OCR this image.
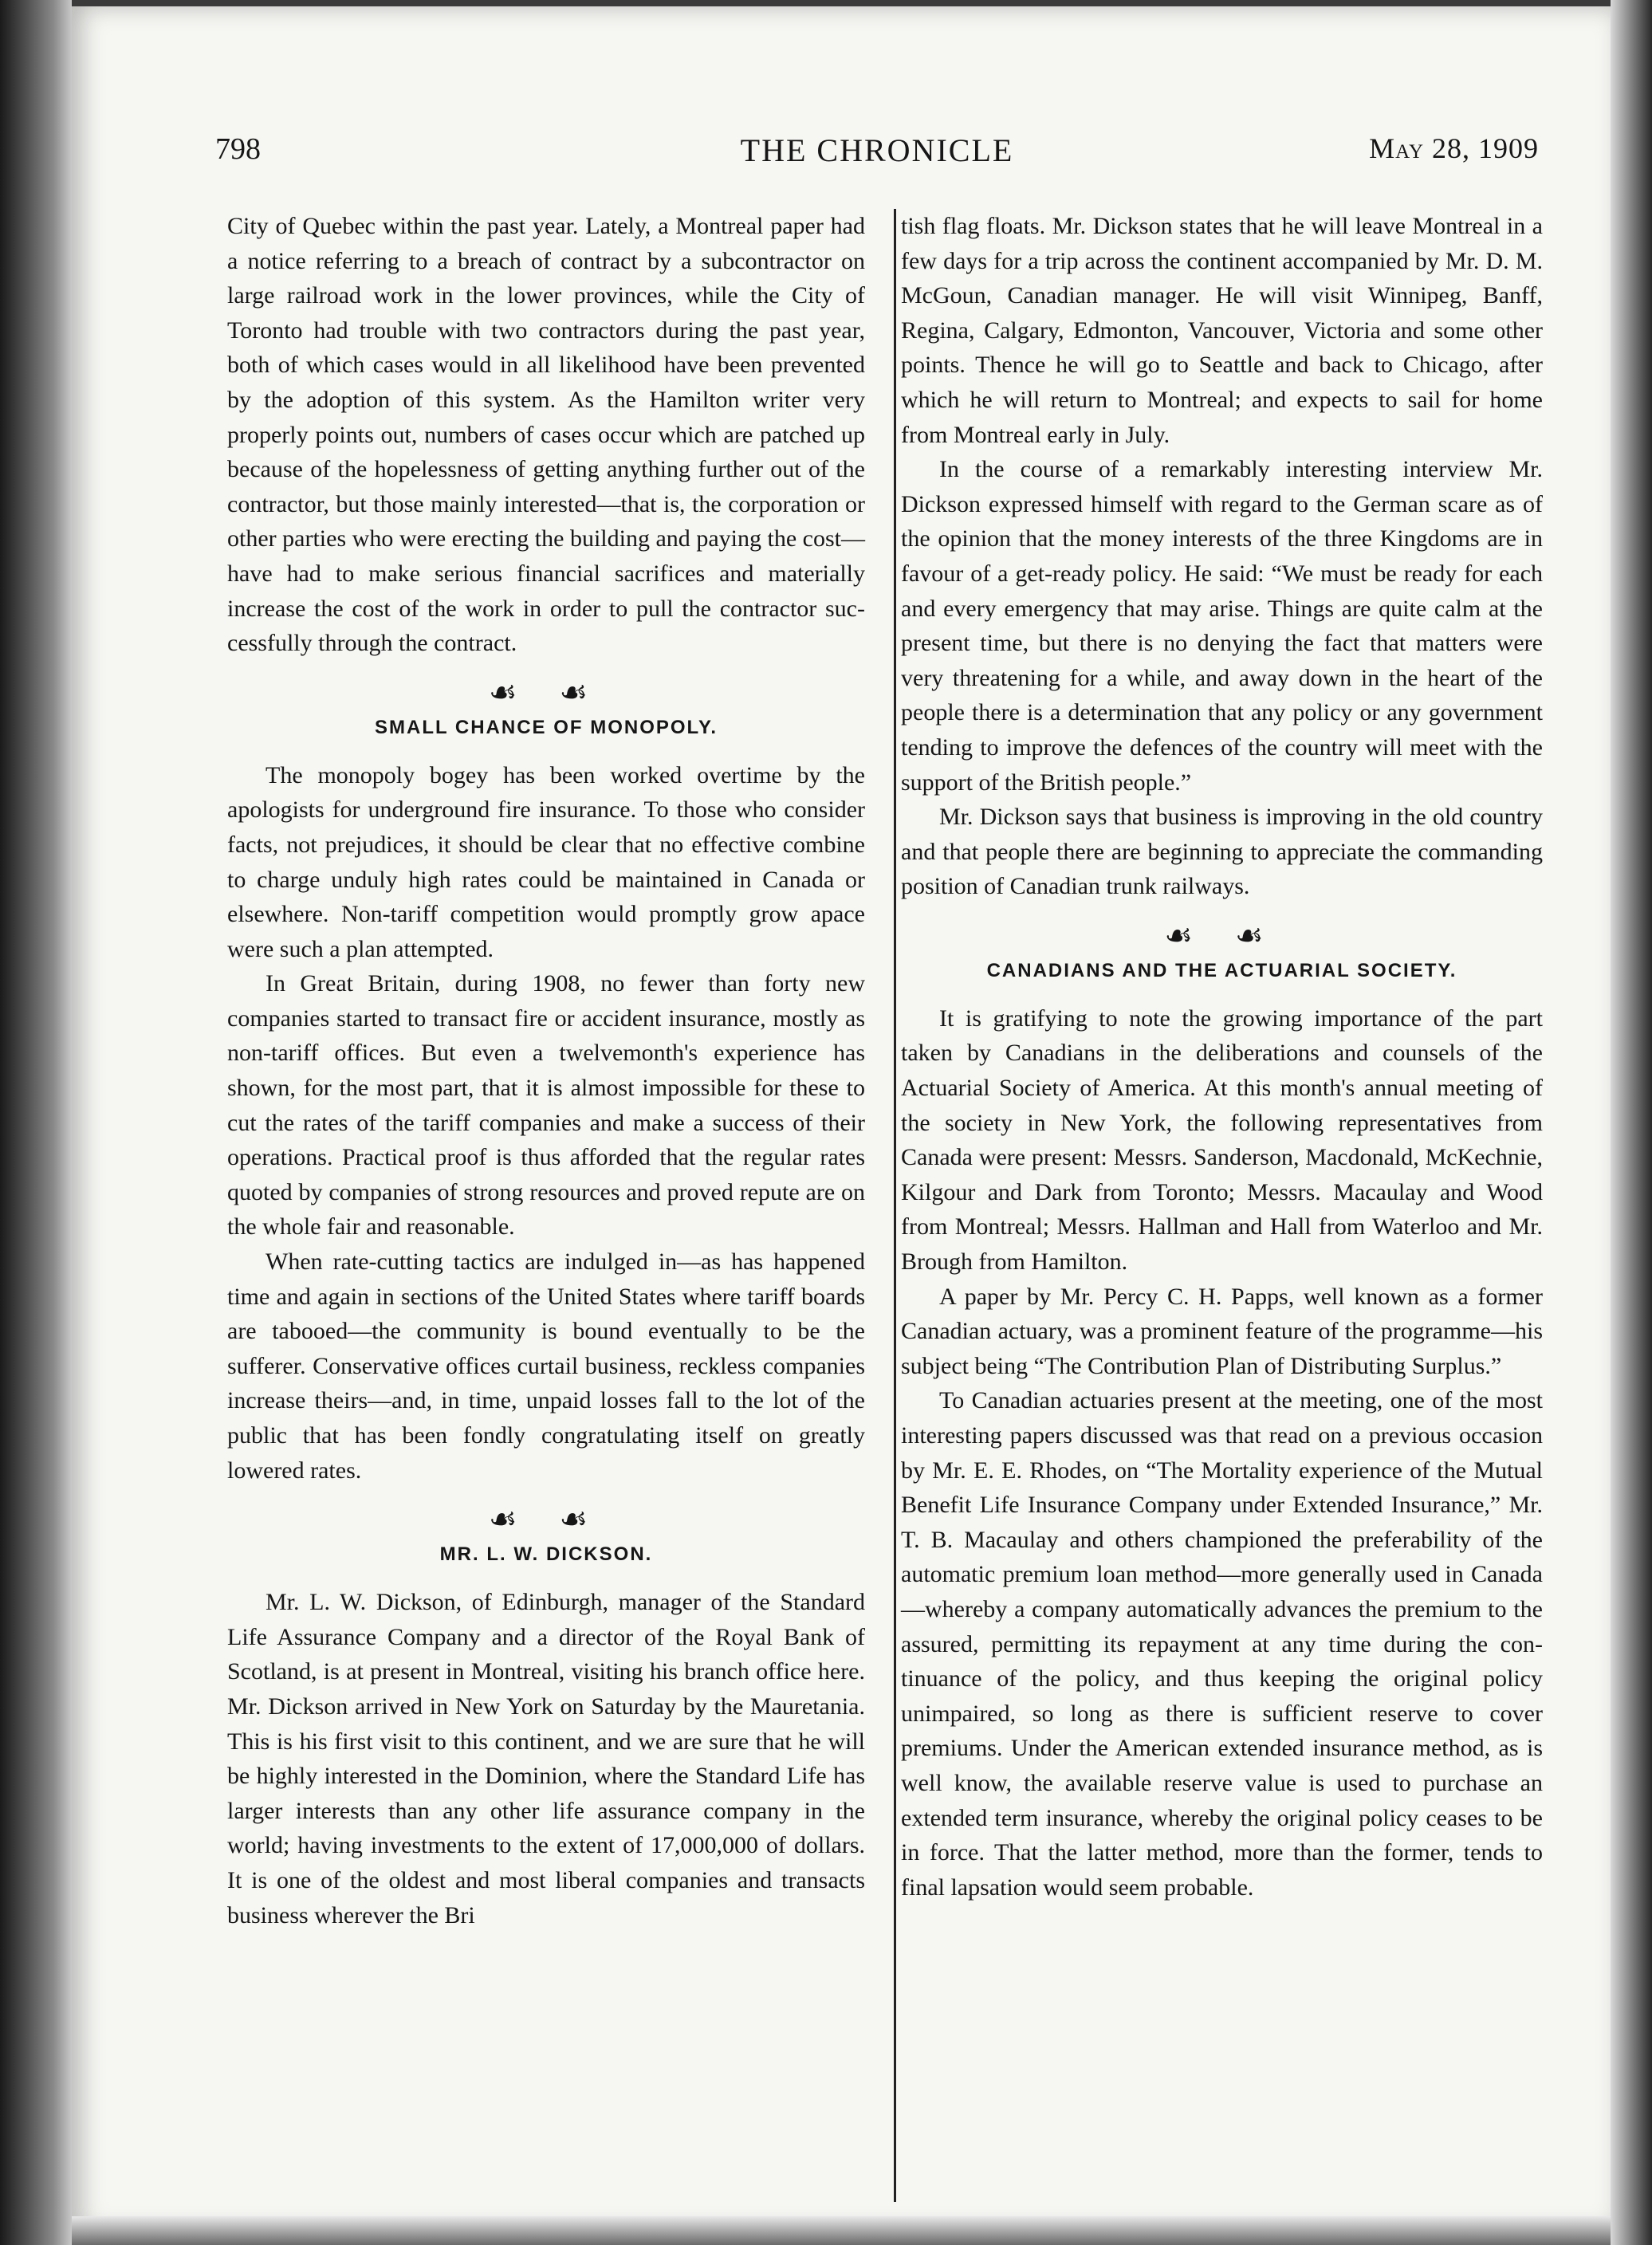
798	THE CHRONICLE	May 28, 1909

City of Quebec within the past year. Lately, a Montreal paper had a notice referring to a breach of contract by a subcontractor on large railroad work in the lower provinces, while the City of Toronto had trouble with two contractors during the past year, both of which cases would in all likelihood have been prevented by the adoption of this system. As the Hamilton writer very properly points out, numbers of cases occur which are patched up because of the hopelessness of getting anything further out of the contractor, but those mainly interested—that is, the corporation or other parties who were erecting the building and paying the cost—have had to make serious financial sacrifices and materially increase the cost of the work in order to pull the contractor successfully through the contract.

☙ ☙
SMALL CHANCE OF MONOPOLY.

The monopoly bogey has been worked overtime by the apologists for underground fire insurance. To those who consider facts, not prejudices, it should be clear that no effective combine to charge unduly high rates could be maintained in Canada or elsewhere. Non-tariff competition would promptly grow apace were such a plan attempted.

In Great Britain, during 1908, no fewer than forty new companies started to transact fire or accident insurance, mostly as non-tariff offices. But even a twelvemonth's experience has shown, for the most part, that it is almost impossible for these to cut the rates of the tariff companies and make a success of their operations. Practical proof is thus afforded that the regular rates quoted by companies of strong resources and proved repute are on the whole fair and reasonable.

When rate-cutting tactics are indulged in—as has happened time and again in sections of the United States where tariff boards are tabooed—the community is bound eventually to be the sufferer. Conservative offices curtail business, reckless companies increase theirs—and, in time, unpaid losses fall to the lot of the public that has been fondly congratulating itself on greatly lowered rates.

☙ ☙
MR. L. W. DICKSON.

Mr. L. W. Dickson, of Edinburgh, manager of the Standard Life Assurance Company and a director of the Royal Bank of Scotland, is at present in Montreal, visiting his branch office here. Mr. Dickson arrived in New York on Saturday by the Mauretania. This is his first visit to this continent, and we are sure that he will be highly interested in the Dominion, where the Standard Life has larger interests than any other life assurance company in the world; having investments to the extent of 17,000,000 of dollars. It is one of the oldest and most liberal companies and transacts business wherever the Bri

tish flag floats. Mr. Dickson states that he will leave Montreal in a few days for a trip across the continent accompanied by Mr. D. M. McGoun, Canadian manager. He will visit Winnipeg, Banff, Regina, Calgary, Edmonton, Vancouver, Victoria and some other points. Thence he will go to Seattle and back to Chicago, after which he will return to Montreal; and expects to sail for home from Montreal early in July.

In the course of a remarkably interesting interview Mr. Dickson expressed himself with regard to the German scare as of the opinion that the money interests of the three Kingdoms are in favour of a get-ready policy. He said: “We must be ready for each and every emergency that may arise. Things are quite calm at the present time, but there is no denying the fact that matters were very threatening for a while, and away down in the heart of the people there is a determination that any policy or any government tending to improve the defences of the country will meet with the support of the British people.”

Mr. Dickson says that business is improving in the old country and that people there are beginning to appreciate the commanding position of Canadian trunk railways.

☙ ☙
CANADIANS AND THE ACTUARIAL SOCIETY.

It is gratifying to note the growing importance of the part taken by Canadians in the deliberations and counsels of the Actuarial Society of America. At this month's annual meeting of the society in New York, the following representatives from Canada were present: Messrs. Sanderson, Macdonald, McKechnie, Kilgour and Dark from Toronto; Messrs. Macaulay and Wood from Montreal; Messrs. Hallman and Hall from Waterloo and Mr. Brough from Hamilton.

A paper by Mr. Percy C. H. Papps, well known as a former Canadian actuary, was a prominent feature of the programme—his subject being “The Contribution Plan of Distributing Surplus.”

To Canadian actuaries present at the meeting, one of the most interesting papers discussed was that read on a previous occasion by Mr. E. E. Rhodes, on “The Mortality experience of the Mutual Benefit Life Insurance Company under Extended Insurance,” Mr. T. B. Macaulay and others championed the preferability of the automatic premium loan method—more generally used in Canada—whereby a company automatically advances the premium to the assured, permitting its repayment at any time during the continuance of the policy, and thus keeping the original policy unimpaired, so long as there is sufficient reserve to cover premiums. Under the American extended insurance method, as is well know, the available reserve value is used to purchase an extended term insurance, whereby the original policy ceases to be in force. That the latter method, more than the former, tends to final lapsation would seem probable.
